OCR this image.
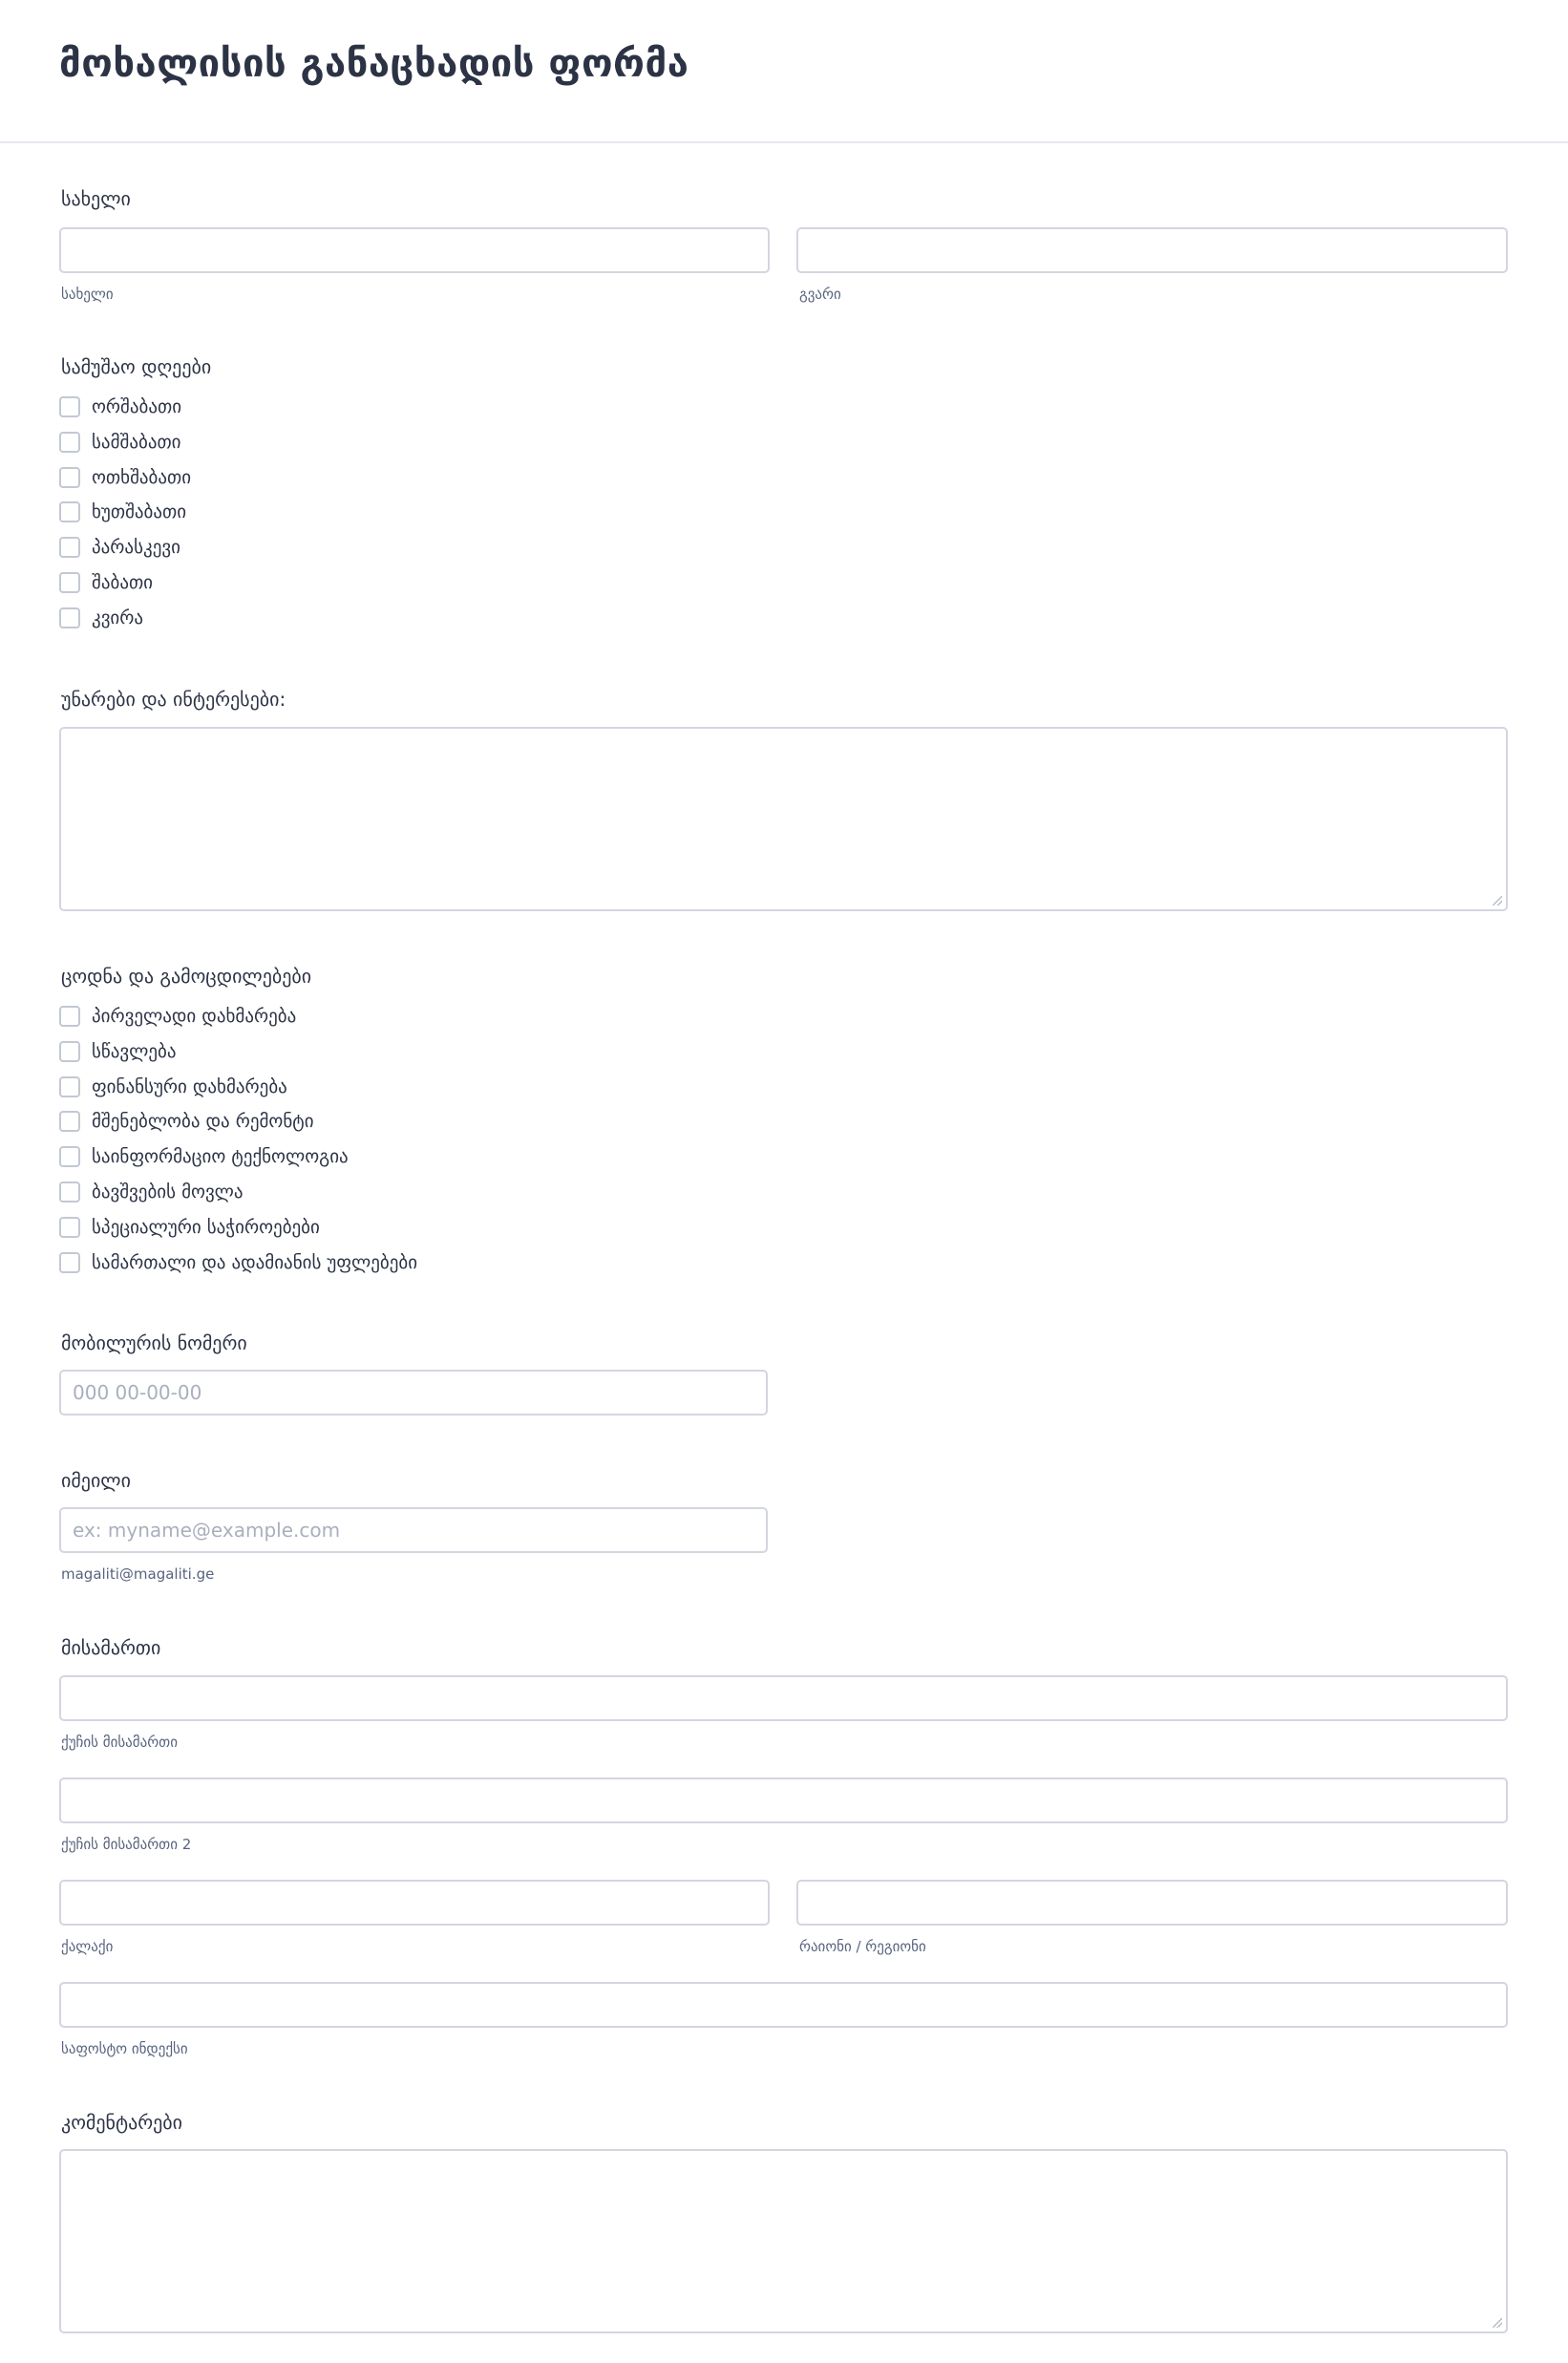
მოხალისის განაცხადის ფორმა
სახელი
სახელი	გვარი
სამუშაო დღეები
ორშაბათი
სამშაბათი
ოთხშაბათი
ხუთშაბათი
პარასკევი
შაბათი
კვირა
უნარები და ინტერესები:
ცოდნა და გამოცდილებები
პირველადი დახმარება
სწავლება
ფინანსური დახმარება
მშენებლობა და რემონტი
საინფორმაციო ტექნოლოგია
ბავშვების მოვლა
სპეციალური საჭიროებები
სამართალი და ადამიანის უფლებები
მობილურის ნომერი
000 00-00-00
იმეილი
ex: myname@example.com
magaliti@magaliti.ge
მისამართი
ქუჩის მისამართი
ქუჩის მისამართი 2
ქალაქი	რაიონი / რეგიონი
საფოსტო ინდექსი
კომენტარები
